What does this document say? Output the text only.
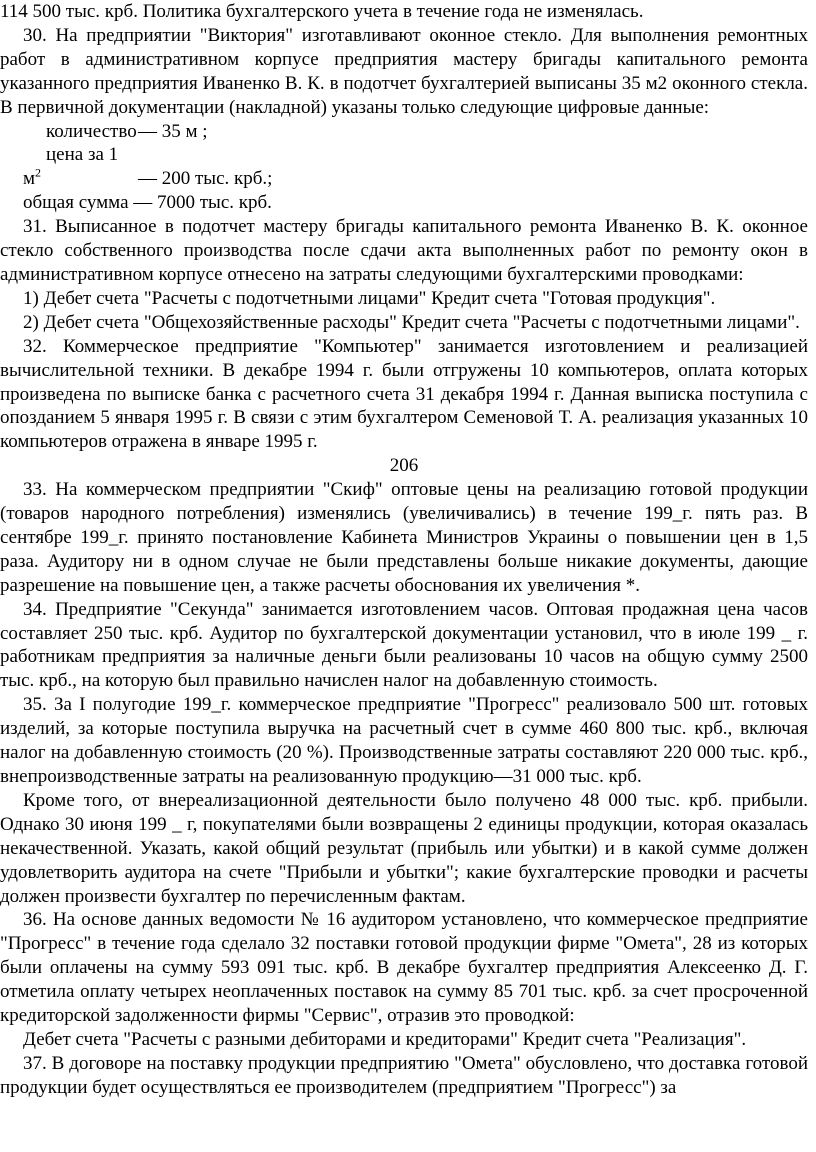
114 500 тыс. крб. Политика бухгалтерского учета в течение года не изменялась.

30. На предприятии "Виктория" изготавливают оконное стекло. Для выполнения ремонтных работ в административном корпусе предприятия мастеру бригады капитального ремонта указанного предприятия Иваненко В. К. в подотчет бухгалтерией выписаны 35 м2 оконного стекла. В первичной документации (накладной) указаны только следующие цифровые данные:

количество— 35 м ;

цена за 1 $м^2$	— 200 тыс. крб.;

общая сумма — 7000 тыс. крб.

31. Выписанное в подотчет мастеру бригады капитального ремонта Иваненко В. К. оконное стекло собственного производства после сдачи акта выполненных работ по ремонту окон в административном корпусе отнесено на затраты следующими бухгалтерскими проводками:

1) Дебет счета "Расчеты с подотчетными лицами" Кредит счета "Готовая продукция".

2) Дебет счета "Общехозяйственные расходы" Кредит счета "Расчеты с подотчетными лицами".

32. Коммерческое предприятие "Компьютер" занимается изготовлением и реализацией вычислительной техники. В декабре 1994 г. были отгружены 10 компьютеров, оплата которых произведена по выписке банка с расчетного счета 31 декабря 1994 г. Данная выписка поступила с опозданием 5 января 1995 г. В связи с этим бухгалтером Семеновой Т. А. реализация указанных 10 компьютеров отражена в январе 1995 г.

206

33. На коммерческом предприятии "Скиф" оптовые цены на реализацию готовой продукции (товаров народного потребления) изменялись (увеличивались) в течение 199_г. пять раз. В сентябре 199_г. принято постановление Кабинета Министров Украины о повышении цен в 1,5 раза. Аудитору ни в одном случае не были представлены больше никакие документы, дающие разрешение на повышение цен, а также расчеты обоснования их увеличения *.

34. Предприятие "Секунда" занимается изготовлением часов. Оптовая продажная цена часов составляет 250 тыс. крб. Аудитор по бухгалтерской документации установил, что в июле 199 _ г. работникам предприятия за наличные деньги были реализованы 10 часов на общую сумму 2500 тыс. крб., на которую был правильно начислен налог на добавленную стоимость.

35. За I полугодие 199_г. коммерческое предприятие "Прогресс" реализовало 500 шт. готовых изделий, за которые поступила выручка на расчетный счет в сумме 460 800 тыс. крб., включая налог на добавленную стоимость (20 %). Производственные затраты составляют 220 000 тыс. крб., внепроизводственные затраты на реализованную продукцию—31 000 тыс. крб.

Кроме того, от внереализационной деятельности было получено 48 000 тыс. крб. прибыли. Однако 30 июня 199 _ г, покупателями были возвращены 2 единицы продукции, которая оказалась некачественной. Указать, какой общий результат (прибыль или убытки) и в какой сумме должен удовлетворить аудитора на счете "Прибыли и убытки"; какие бухгалтерские проводки и расчеты должен произвести бухгалтер по перечисленным фактам.

36. На основе данных ведомости № 16 аудитором установлено, что коммерческое предприятие "Прогресс" в течение года сделало 32 поставки готовой продукции фирме "Омета", 28 из которых были оплачены на сумму 593 091 тыс. крб. В декабре бухгалтер предприятия Алексеенко Д. Г. отметила оплату четырех неоплаченных поставок на сумму 85 701 тыс. крб. за счет просроченной кредиторской задолженности фирмы "Сервис", отразив это проводкой:

Дебет счета "Расчеты с разными дебиторами и кредиторами" Кредит счета "Реализация".

37. В договоре на поставку продукции предприятию "Омета" обусловлено, что доставка готовой продукции будет осуществляться ее производителем (предприятием "Прогресс") за
